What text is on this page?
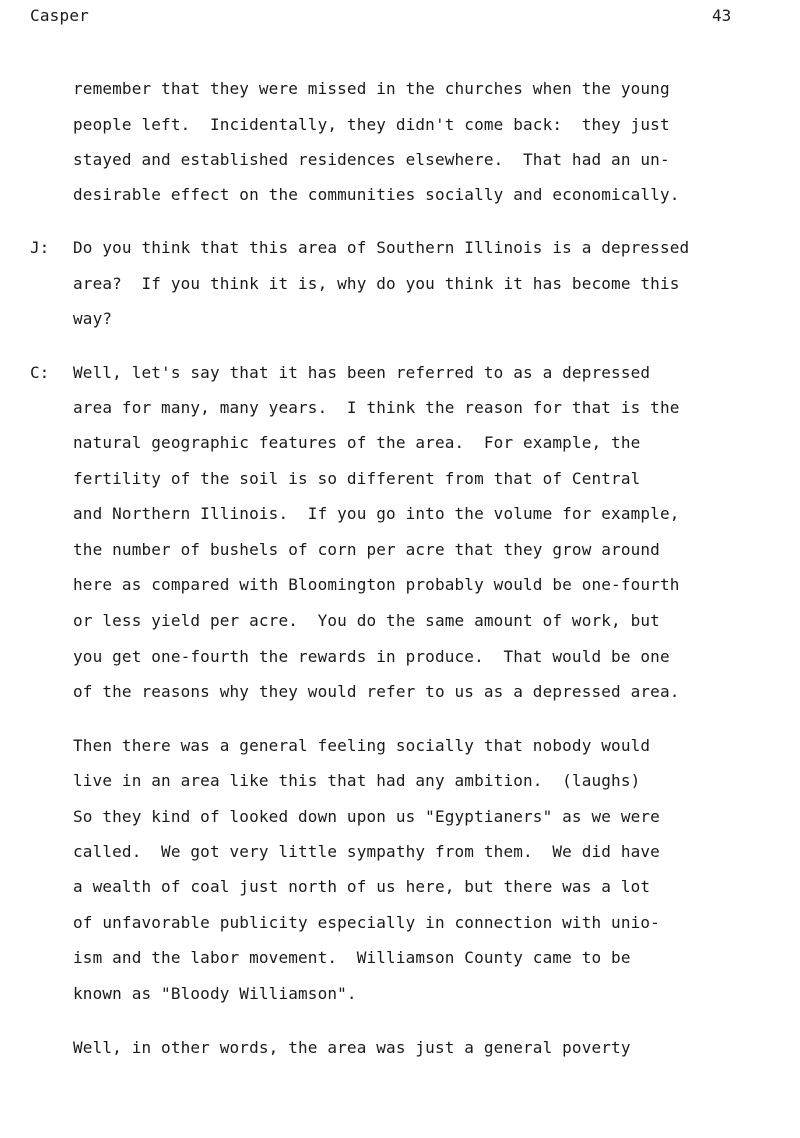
Casper	43
remember that they were missed in the churches when the young
people left.  Incidentally, they didn't come back:  they just
stayed and established residences elsewhere.  That had an un-
desirable effect on the communities socially and economically.
J: Do you think that this area of Southern Illinois is a depressed
area?  If you think it is, why do you think it has become this
way?
C: Well, let's say that it has been referred to as a depressed
area for many, many years.  I think the reason for that is the
natural geographic features of the area.  For example, the
fertility of the soil is so different from that of Central
and Northern Illinois.  If you go into the volume for example,
the number of bushels of corn per acre that they grow around
here as compared with Bloomington probably would be one-fourth
or less yield per acre.  You do the same amount of work, but
you get one-fourth the rewards in produce.  That would be one
of the reasons why they would refer to us as a depressed area.
Then there was a general feeling socially that nobody would
live in an area like this that had any ambition.  (laughs)
So they kind of looked down upon us "Egyptianers" as we were
called.  We got very little sympathy from them.  We did have
a wealth of coal just north of us here, but there was a lot
of unfavorable publicity especially in connection with unio-
ism and the labor movement.  Williamson County came to be
known as "Bloody Williamson".
Well, in other words, the area was just a general poverty
